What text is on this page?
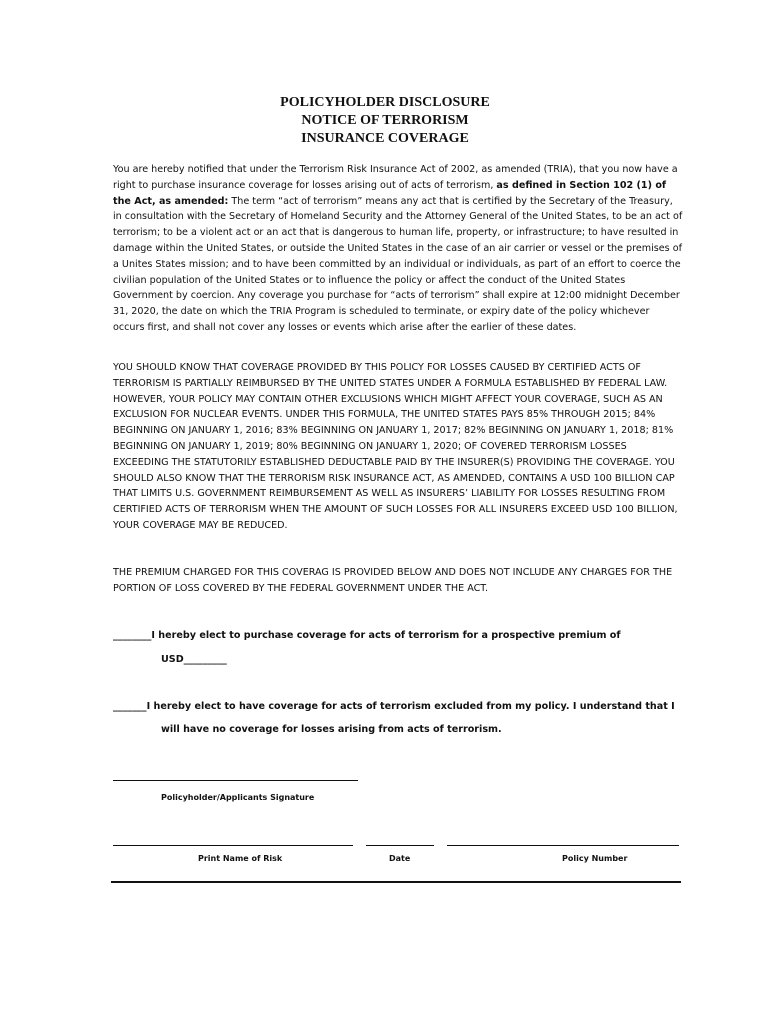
POLICYHOLDER DISCLOSURE
NOTICE OF TERRORISM
INSURANCE COVERAGE
You are hereby notified that under the Terrorism Risk Insurance Act of 2002, as amended (TRIA), that you now have a right to purchase insurance coverage for losses arising out of acts of terrorism, as defined in Section 102 (1) of the Act, as amended: The term “act of terrorism” means any act that is certified by the Secretary of the Treasury, in consultation with the Secretary of Homeland Security and the Attorney General of the United States, to be an act of terrorism; to be a violent act or an act that is dangerous to human life, property, or infrastructure; to have resulted in damage within the United States, or outside the United States in the case of an air carrier or vessel or the premises of a Unites States mission; and to have been committed by an individual or individuals, as part of an effort to coerce the civilian population of the United States or to influence the policy or affect the conduct of the United States Government by coercion. Any coverage you purchase for “acts of terrorism” shall expire at 12:00 midnight December 31, 2020, the date on which the TRIA Program is scheduled to terminate, or expiry date of the policy whichever occurs first, and shall not cover any losses or events which arise after the earlier of these dates.
YOU SHOULD KNOW THAT COVERAGE PROVIDED BY THIS POLICY FOR LOSSES CAUSED BY CERTIFIED ACTS OF TERRORISM IS PARTIALLY REIMBURSED BY THE UNITED STATES UNDER A FORMULA ESTABLISHED BY FEDERAL LAW. HOWEVER, YOUR POLICY MAY CONTAIN OTHER EXCLUSIONS WHICH MIGHT AFFECT YOUR COVERAGE, SUCH AS AN EXCLUSION FOR NUCLEAR EVENTS. UNDER THIS FORMULA, THE UNITED STATES PAYS 85% THROUGH 2015; 84% BEGINNING ON JANUARY 1, 2016; 83% BEGINNING ON JANUARY 1, 2017; 82% BEGINNING ON JANUARY 1, 2018; 81% BEGINNING ON JANUARY 1, 2019; 80% BEGINNING ON JANUARY 1, 2020; OF COVERED TERRORISM LOSSES EXCEEDING THE STATUTORILY ESTABLISHED DEDUCTABLE PAID BY THE INSURER(S) PROVIDING THE COVERAGE. YOU SHOULD ALSO KNOW THAT THE TERRORISM RISK INSURANCE ACT, AS AMENDED, CONTAINS A USD 100 BILLION CAP THAT LIMITS U.S. GOVERNMENT REIMBURSEMENT AS WELL AS INSURERS’ LIABILITY FOR LOSSES RESULTING FROM CERTIFIED ACTS OF TERRORISM WHEN THE AMOUNT OF SUCH LOSSES FOR ALL INSURERS EXCEED USD 100 BILLION, YOUR COVERAGE MAY BE REDUCED.
THE PREMIUM CHARGED FOR THIS COVERAG IS PROVIDED BELOW AND DOES NOT INCLUDE ANY CHARGES FOR THE PORTION OF LOSS COVERED BY THE FEDERAL GOVERNMENT UNDER THE ACT.
________I hereby elect to purchase coverage for acts of terrorism for a prospective premium of
USD_________
_______I hereby elect to have coverage for acts of terrorism excluded from my policy. I understand that I
will have no coverage for losses arising from acts of terrorism.
Policyholder/Applicants Signature
Print Name of Risk	Date	Policy Number
